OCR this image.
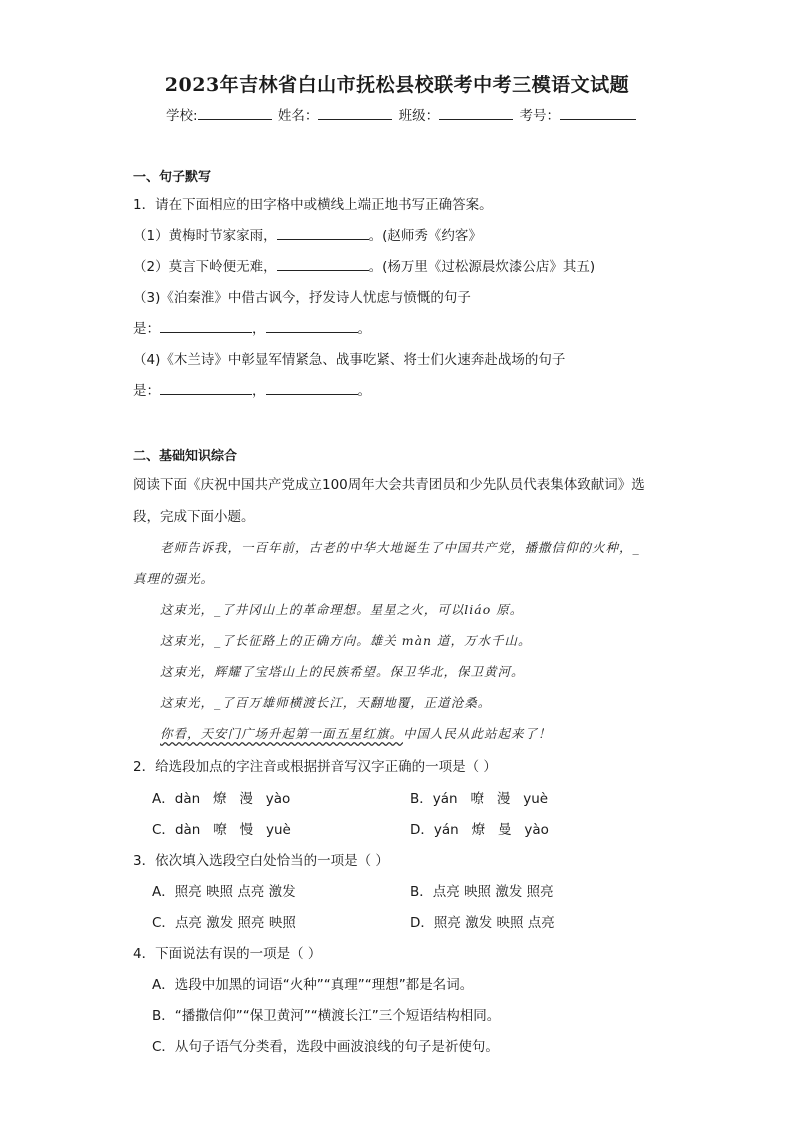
2023年吉林省白山市抚松县校联考中考三模语文试题
学校:	姓名：	班级：	考号：
一、句子默写
1．请在下面相应的田字格中或横线上端正地书写正确答案。
（1）黄梅时节家家雨，	。(赵师秀《约客》
（2）莫言下岭便无难，	。(杨万里《过松源晨炊漆公店》其五)
（3)《泊秦淮》中借古讽今，抒发诗人忧虑与愤慨的句子
是：	，	。
（4)《木兰诗》中彰显军情紧急、战事吃紧、将士们火速奔赴战场的句子
是：	，	。
二、基础知识综合
阅读下面《庆祝中国共产党成立100周年大会共青团员和少先队员代表集体致献词》选
段，完成下面小题。
老师告诉我，一百年前，古老的中华大地诞生了中国共产党，播撒信仰的火种，_
真理的强光。
这束光，_了井冈山上的革命理想。星星之火，可以liáo 原。
这束光，_了长征路上的正确方向。雄关 màn 道，万水千山。
这束光，辉耀了宝塔山上的民族希望。保卫华北，保卫黄河。
这束光，_了百万雄师横渡长江，天翻地覆，正道沧桑。
你看，天安门广场升起第一面五星红旗。中国人民从此站起来了！
2．给选段加点的字注音或根据拼音写汉字正确的一项是（ ）
A．dàn 燎 漫 yào	B．yán 嘹 漫 yuè
C．dàn 嘹 慢 yuè	D．yán 燎 曼 yào
3．依次填入选段空白处恰当的一项是（ ）
A．照亮 映照 点亮 激发	B．点亮 映照 激发 照亮
C．点亮 激发 照亮 映照	D．照亮 激发 映照 点亮
4．下面说法有误的一项是（ ）
A．选段中加黑的词语“火种”“真理”“理想”都是名词。
B．“播撒信仰”“保卫黄河”“横渡长江”三个短语结构相同。
C．从句子语气分类看，选段中画波浪线的句子是祈使句。
